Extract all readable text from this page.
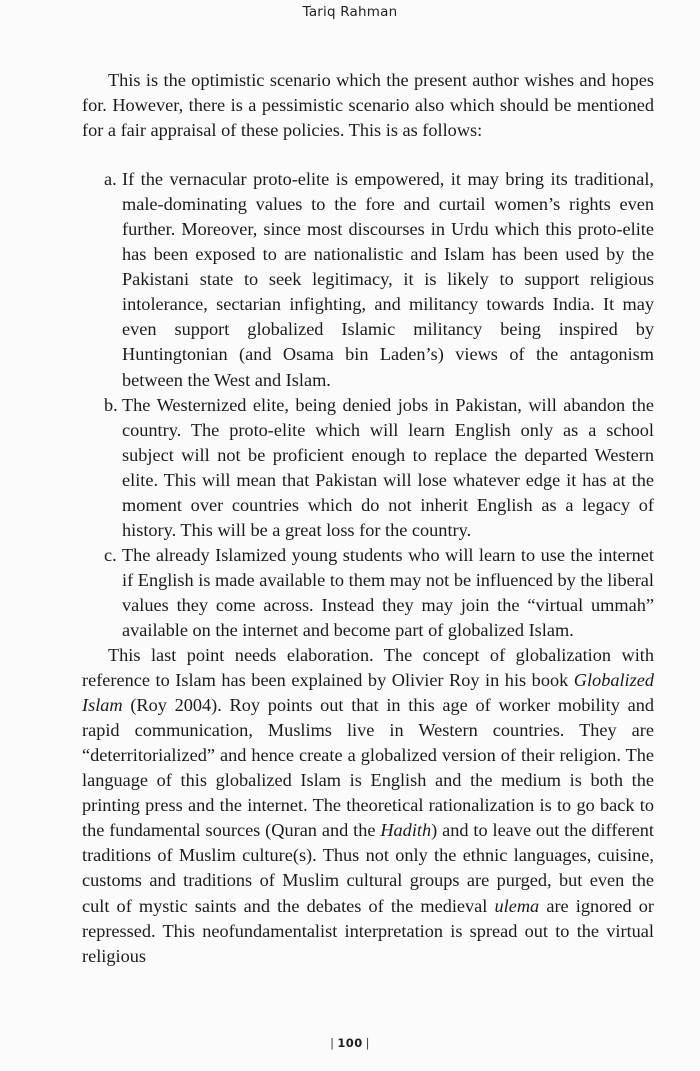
Tariq Rahman

This is the optimistic scenario which the present author wishes and hopes for. However, there is a pessimistic scenario also which should be mentioned for a fair appraisal of these policies. This is as follows:

a. If the vernacular proto-elite is empowered, it may bring its traditional, male-dominating values to the fore and curtail women’s rights even further. Moreover, since most discourses in Urdu which this proto-elite has been exposed to are nationalistic and Islam has been used by the Pakistani state to seek legitimacy, it is likely to support religious intolerance, sectarian infighting, and militancy towards India. It may even support globalized Islamic militancy being inspired by Huntingtonian (and Osama bin Laden’s) views of the antagonism between the West and Islam.
b. The Westernized elite, being denied jobs in Pakistan, will abandon the country. The proto-elite which will learn English only as a school subject will not be proficient enough to replace the departed Western elite. This will mean that Pakistan will lose whatever edge it has at the moment over countries which do not inherit English as a legacy of history. This will be a great loss for the country.
c. The already Islamized young students who will learn to use the internet if English is made available to them may not be influenced by the liberal values they come across. Instead they may join the “virtual ummah” available on the internet and become part of globalized Islam.

This last point needs elaboration. The concept of globalization with reference to Islam has been explained by Olivier Roy in his book Globalized Islam (Roy 2004). Roy points out that in this age of worker mobility and rapid communication, Muslims live in Western countries. They are “deterritorialized” and hence create a globalized version of their religion. The language of this globalized Islam is English and the medium is both the printing press and the internet. The theoretical rationalization is to go back to the fundamental sources (Quran and the Hadith) and to leave out the different traditions of Muslim culture(s). Thus not only the ethnic languages, cuisine, customs and traditions of Muslim cultural groups are purged, but even the cult of mystic saints and the debates of the medieval ulema are ignored or repressed. This neofundamentalist interpretation is spread out to the virtual religious

| 100 |
